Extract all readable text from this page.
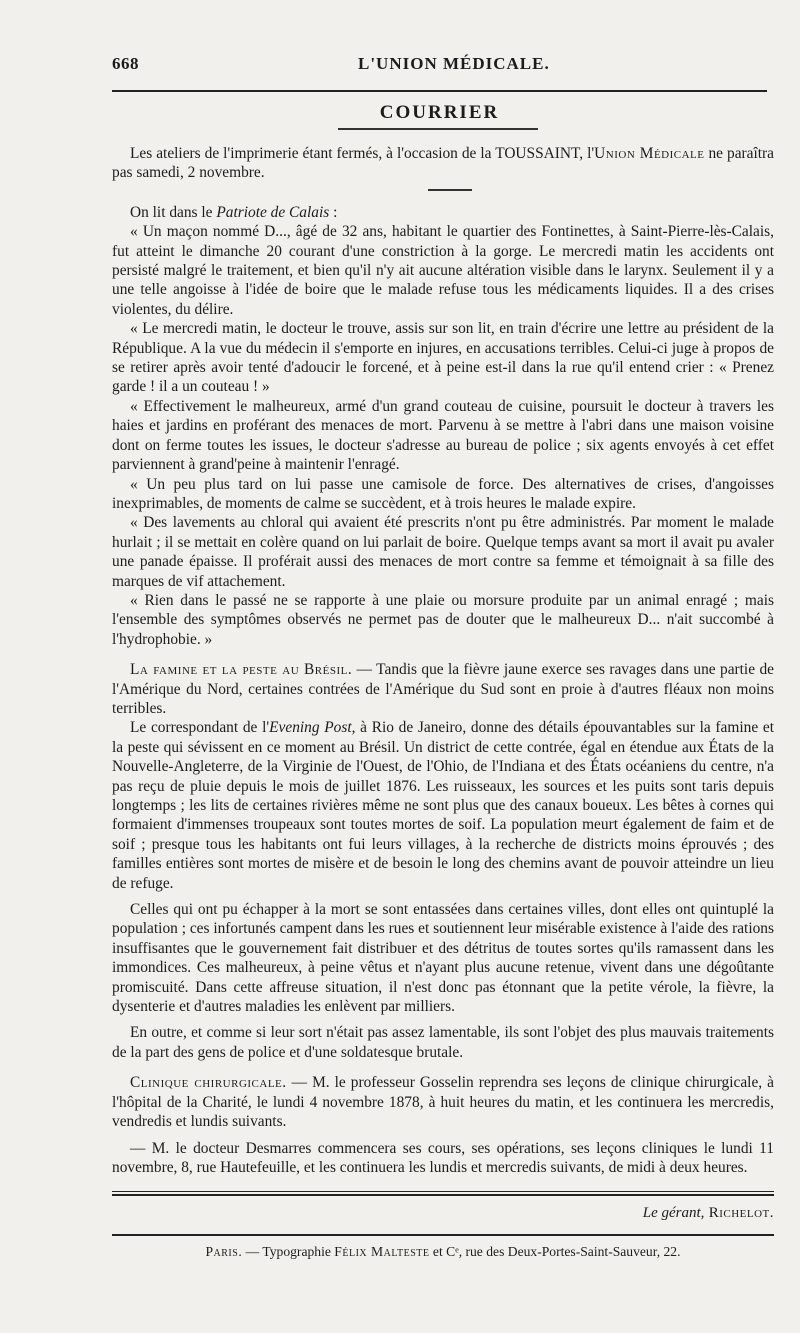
668	L'UNION MÉDICALE.
COURRIER

Les ateliers de l'imprimerie étant fermés, à l'occasion de la TOUSSAINT, l'Union Médicale ne paraîtra pas samedi, 2 novembre.

On lit dans le Patriote de Calais :

« Un maçon nommé D..., âgé de 32 ans, habitant le quartier des Fontinettes, à Saint-Pierre-lès-Calais, fut atteint le dimanche 20 courant d'une constriction à la gorge. Le mercredi matin les accidents ont persisté malgré le traitement, et bien qu'il n'y ait aucune altération visible dans le larynx. Seulement il y a une telle angoisse à l'idée de boire que le malade refuse tous les médicaments liquides. Il a des crises violentes, du délire.

« Le mercredi matin, le docteur le trouve, assis sur son lit, en train d'écrire une lettre au président de la République. A la vue du médecin il s'emporte en injures, en accusations terribles. Celui-ci juge à propos de se retirer après avoir tenté d'adoucir le forcené, et à peine est-il dans la rue qu'il entend crier : « Prenez garde ! il a un couteau ! »

« Effectivement le malheureux, armé d'un grand couteau de cuisine, poursuit le docteur à travers les haies et jardins en proférant des menaces de mort. Parvenu à se mettre à l'abri dans une maison voisine dont on ferme toutes les issues, le docteur s'adresse au bureau de police ; six agents envoyés à cet effet parviennent à grand'peine à maintenir l'enragé.

« Un peu plus tard on lui passe une camisole de force. Des alternatives de crises, d'angoisses inexprimables, de moments de calme se succèdent, et à trois heures le malade expire.

« Des lavements au chloral qui avaient été prescrits n'ont pu être administrés. Par moment le malade hurlait ; il se mettait en colère quand on lui parlait de boire. Quelque temps avant sa mort il avait pu avaler une panade épaisse. Il proférait aussi des menaces de mort contre sa femme et témoignait à sa fille des marques de vif attachement.

« Rien dans le passé ne se rapporte à une plaie ou morsure produite par un animal enragé ; mais l'ensemble des symptômes observés ne permet pas de douter que le malheureux D... n'ait succombé à l'hydrophobie. »

La famine et la peste au Brésil. — Tandis que la fièvre jaune exerce ses ravages dans une partie de l'Amérique du Nord, certaines contrées de l'Amérique du Sud sont en proie à d'autres fléaux non moins terribles.

Le correspondant de l'Evening Post, à Rio de Janeiro, donne des détails épouvantables sur la famine et la peste qui sévissent en ce moment au Brésil. Un district de cette contrée, égal en étendue aux États de la Nouvelle-Angleterre, de la Virginie de l'Ouest, de l'Ohio, de l'Indiana et des États océaniens du centre, n'a pas reçu de pluie depuis le mois de juillet 1876. Les ruisseaux, les sources et les puits sont taris depuis longtemps ; les lits de certaines rivières même ne sont plus que des canaux boueux. Les bêtes à cornes qui formaient d'immenses troupeaux sont toutes mortes de soif. La population meurt également de faim et de soif ; presque tous les habitants ont fui leurs villages, à la recherche de districts moins éprouvés ; des familles entières sont mortes de misère et de besoin le long des chemins avant de pouvoir atteindre un lieu de refuge.

Celles qui ont pu échapper à la mort se sont entassées dans certaines villes, dont elles ont quintuplé la population ; ces infortunés campent dans les rues et soutiennent leur misérable existence à l'aide des rations insuffisantes que le gouvernement fait distribuer et des détritus de toutes sortes qu'ils ramassent dans les immondices. Ces malheureux, à peine vêtus et n'ayant plus aucune retenue, vivent dans une dégoûtante promiscuité. Dans cette affreuse situation, il n'est donc pas étonnant que la petite vérole, la fièvre, la dysenterie et d'autres maladies les enlèvent par milliers.

En outre, et comme si leur sort n'était pas assez lamentable, ils sont l'objet des plus mauvais traitements de la part des gens de police et d'une soldatesque brutale.

Clinique chirurgicale. — M. le professeur Gosselin reprendra ses leçons de clinique chirurgicale, à l'hôpital de la Charité, le lundi 4 novembre 1878, à huit heures du matin, et les continuera les mercredis, vendredis et lundis suivants.

— M. le docteur Desmarres commencera ses cours, ses opérations, ses leçons cliniques le lundi 11 novembre, 8, rue Hautefeuille, et les continuera les lundis et mercredis suivants, de midi à deux heures.

Le gérant, Richelot.
Paris. — Typographie Félix Malteste et Cᵉ, rue des Deux-Portes-Saint-Sauveur, 22.
